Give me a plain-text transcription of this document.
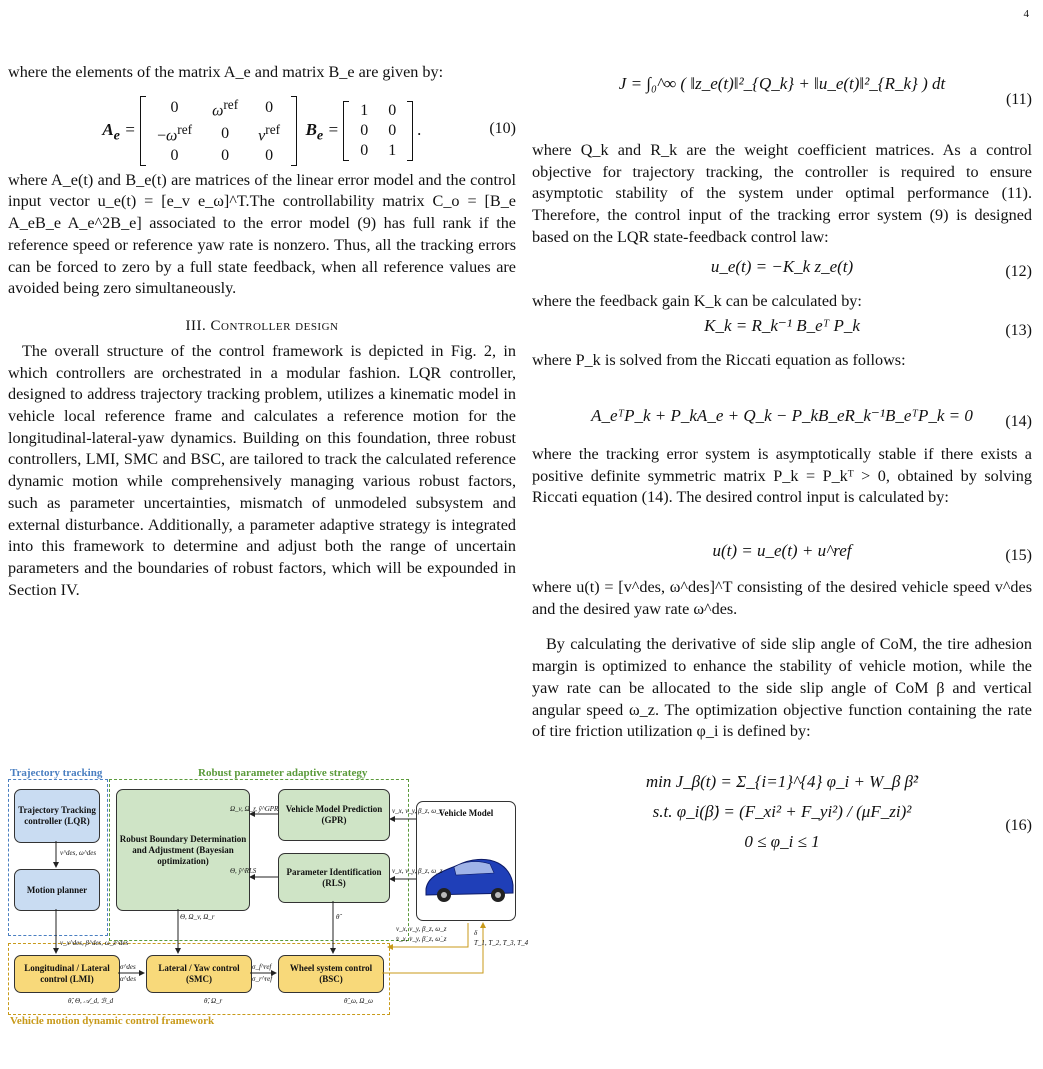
4

where the elements of the matrix A_e and matrix B_e are given by:

$A_e$ =
0	$\omega^{ref}$	0
$-\omega^{ref}$	0	$v^{ref}$
0	0	0
$B_e$ =
1	0
0	0
0	1
.	(10)

where A_e(t) and B_e(t) are matrices of the linear error model and the control input vector u_e(t) = [e_v e_ω]^T.The controllability matrix C_o = [B_e A_eB_e A_e^2B_e] associated to the error model (9) has full rank if the reference speed or reference yaw rate is nonzero. Thus, all the tracking errors can be forced to zero by a full state feedback, when all reference values are avoided being zero simultaneously.

III. Controller design

The overall structure of the control framework is depicted in Fig. 2, in which controllers are orchestrated in a modular fashion. LQR controller, designed to address trajectory tracking problem, utilizes a kinematic model in vehicle local reference frame and calculates a reference motion for the longitudinal-lateral-yaw dynamics. Building on this foundation, three robust controllers, LMI, SMC and BSC, are tailored to track the calculated reference dynamic motion while comprehensively managing various robust factors, such as parameter uncertainties, mismatch of unmodeled subsystem and external disturbance. Additionally, a parameter adaptive strategy is integrated into this framework to determine and adjust both the range of uncertain parameters and the boundaries of robust factors, which will be expounded in Section IV.

Trajectory tracking	Robust parameter adaptive strategy
Vehicle motion dynamic control framework
Trajectory Tracking controller (LQR)
Motion planner
Robust Boundary Determination and Adjustment (Bayesian optimization)
Vehicle Model Prediction (GPR)
Parameter Identification (RLS)
Vehicle Model
Longitudinal / Lateral control (LMI)
Lateral / Yaw control (SMC)
Wheel system control (BSC)
v^des, ω^des
v_x^des, β^des, ω_z^des
Ω_v, Ω_r, ŷ^GPR
Θ, ŷ^RLS
Θ, Ω_v, Ω_r	θ̂
v_x, v_y, β_z, ω_z
v_x, v_y, β_z, ω_z
v_x, v_y, β_z, ω_z
v̇_x, v̇_y, β̇_z, ω̇_z
δ
T_1, T_2, T_3, T_4
σ^des
α^des
σ_f^ref
σ_r^ref
θ̂, Θ, 𝒜_d, ℬ_d	θ̂, Ω_r	θ̂_ω, Ω_ω
J = ∫₀^∞ ( ‖z_e(t)‖²_{Q_k} + ‖u_e(t)‖²_{R_k} ) dt
(11)

where Q_k and R_k are the weight coefficient matrices. As a control objective for trajectory tracking, the controller is required to ensure asymptotic stability of the system under optimal performance (11). Therefore, the control input of the tracking error system (9) is designed based on the LQR state-feedback control law:

u_e(t) = −K_k z_e(t)	(12)

where the feedback gain K_k can be calculated by:

K_k = R_k⁻¹ B_eᵀ P_k	(13)

where P_k is solved from the Riccati equation as follows:

A_eᵀP_k + P_kA_e + Q_k − P_kB_eR_k⁻¹B_eᵀP_k = 0 (14)

where the tracking error system is asymptotically stable if there exists a positive definite symmetric matrix P_k = P_kᵀ > 0, obtained by solving Riccati equation (14). The desired control input is calculated by:

u(t) = u_e(t) + u^ref	(15)

where u(t) = [v^des, ω^des]^T consisting of the desired vehicle speed v^des and the desired yaw rate ω^des.

By calculating the derivative of side slip angle of CoM, the tire adhesion margin is optimized to enhance the stability of vehicle motion, while the yaw rate can be allocated to the side slip angle of CoM β and vertical angular speed ω_z. The optimization objective function containing the rate of tire friction utilization φ_i is defined by:

min J_β(t) = Σ_{i=1}^{4} φ_i + W_β β̇²
s.t. φ_i(β̇) = (F_xi² + F_yi²) / (μF_zi)²
0 ≤ φ_i ≤ 1
(16)
